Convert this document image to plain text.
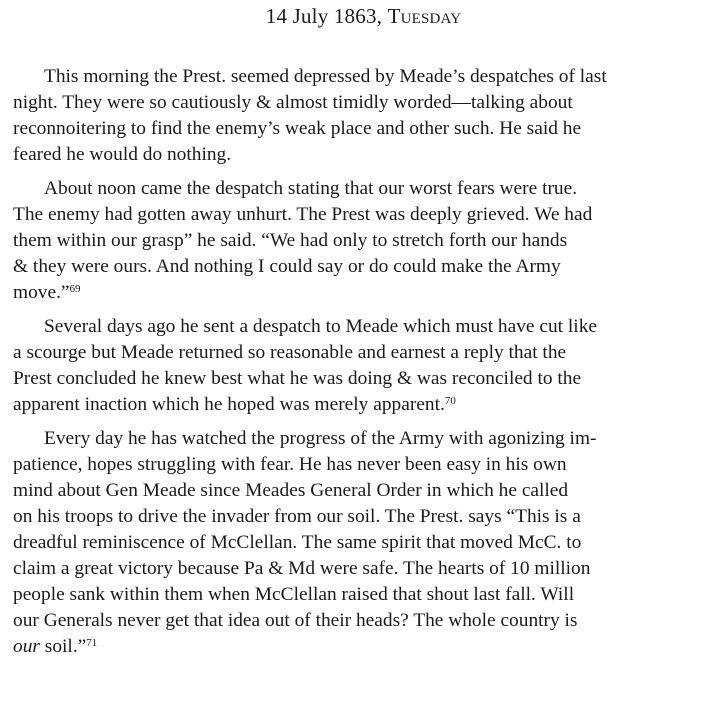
14 July 1863, Tuesday
This morning the Prest. seemed depressed by Meade’s despatches of last
night. They were so cautiously & almost timidly worded—talking about
reconnoitering to find the enemy’s weak place and other such. He said he
feared he would do nothing.
About noon came the despatch stating that our worst fears were true.
The enemy had gotten away unhurt. The Prest was deeply grieved. We had
them within our grasp” he said. “We had only to stretch forth our hands
& they were ours. And nothing I could say or do could make the Army
move.”$^{69}$
Several days ago he sent a despatch to Meade which must have cut like
a scourge but Meade returned so reasonable and earnest a reply that the
Prest concluded he knew best what he was doing & was reconciled to the
apparent inaction which he hoped was merely apparent.$^{70}$
Every day he has watched the progress of the Army with agonizing im-
patience, hopes struggling with fear. He has never been easy in his own
mind about Gen Meade since Meades General Order in which he called
on his troops to drive the invader from our soil. The Prest. says “This is a
dreadful reminiscence of McClellan. The same spirit that moved McC. to
claim a great victory because Pa & Md were safe. The hearts of 10 million
people sank within them when McClellan raised that shout last fall. Will
our Generals never get that idea out of their heads? The whole country is
our soil.”$^{71}$
